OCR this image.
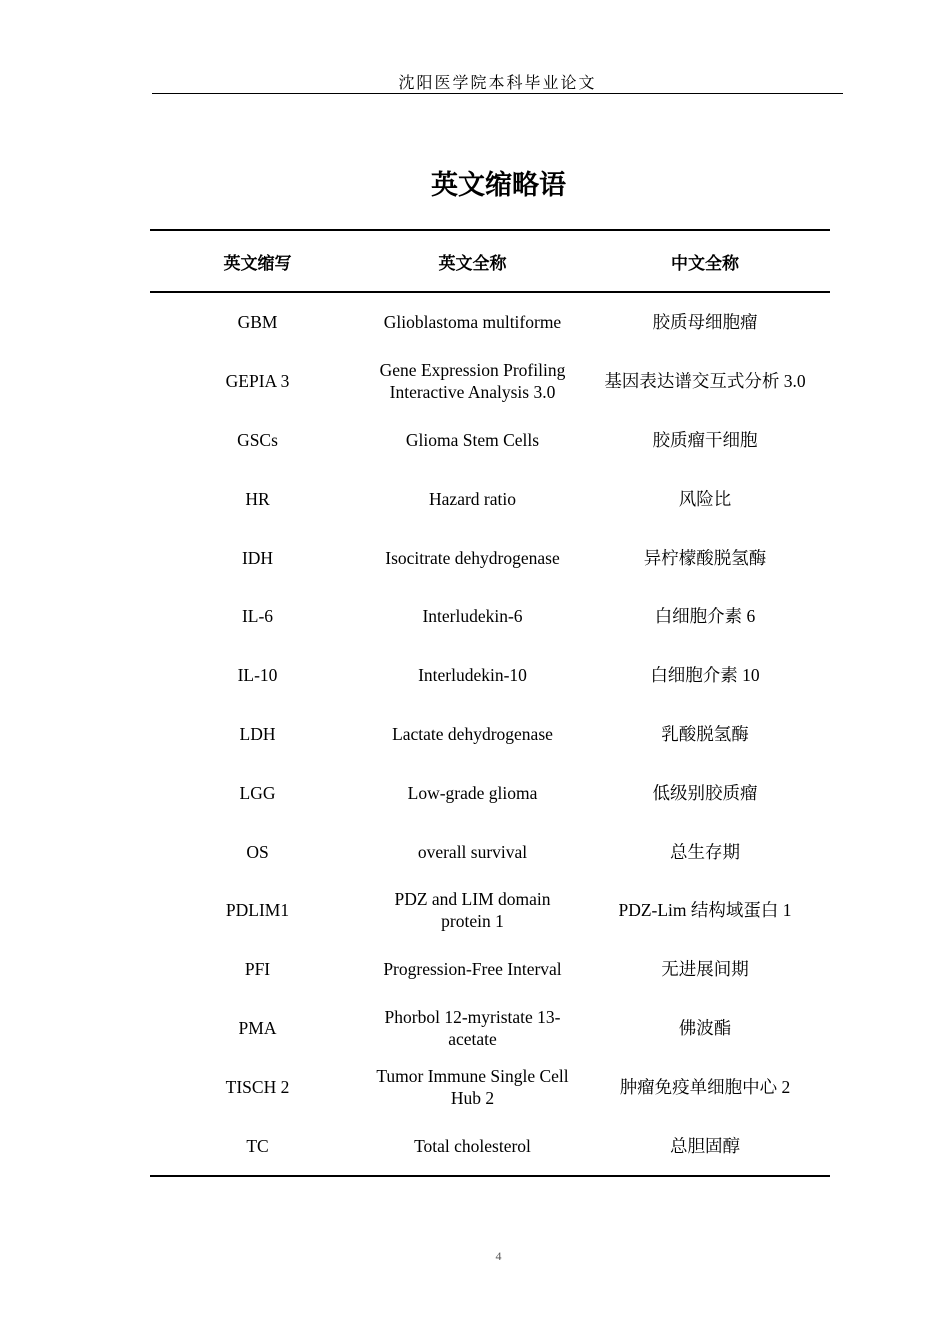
沈阳医学院本科毕业论文
英文缩略语
英文缩写	英文全称	中文全称
GBM	Glioblastoma multiforme	胶质母细胞瘤
GEPIA 3	Gene Expression Profiling Interactive Analysis 3.0	基因表达谱交互式分析 3.0
GSCs	Glioma Stem Cells	胶质瘤干细胞
HR	Hazard ratio	风险比
IDH	Isocitrate dehydrogenase	异柠檬酸脱氢酶
IL-6	Interludekin-6	白细胞介素 6
IL-10	Interludekin-10	白细胞介素 10
LDH	Lactate dehydrogenase	乳酸脱氢酶
LGG	Low-grade glioma	低级别胶质瘤
OS	overall survival	总生存期
PDLIM1	PDZ and LIM domain protein 1	PDZ-Lim 结构域蛋白 1
PFI	Progression-Free Interval	无进展间期
PMA	Phorbol 12-myristate 13-acetate	佛波酯
TISCH 2	Tumor Immune Single Cell Hub 2	肿瘤免疫单细胞中心 2
TC	Total cholesterol	总胆固醇
4
